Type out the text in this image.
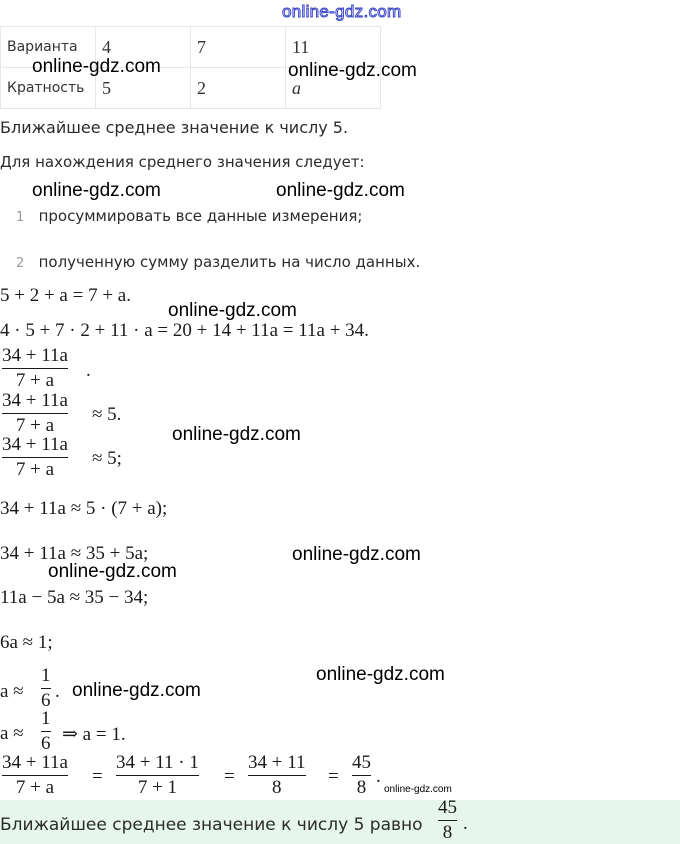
online-gdz.com
Варианта	4	7	11
Кратность	5	2	a
online-gdz.com	online-gdz.com
Ближайшее среднее значение к числу 5.
Для нахождения среднего значения следует:
online-gdz.com	online-gdz.com
1 просуммировать все данные измерения;
2 полученную сумму разделить на число данных.
5 + 2 + a = 7 + a.
online-gdz.com
4 · 5 + 7 · 2 + 11 · a = 20 + 14 + 11a = 11a + 34.
34 + 11a
7 + a	.
34 + 11a
7 + a
≈ 5.
online-gdz.com
34 + 11a
7 + a
≈ 5;
34 + 11a ≈ 5 · (7 + a);
34 + 11a ≈ 35 + 5a;	online-gdz.com
online-gdz.com
11a − 5a ≈ 35 − 34;
6a ≈ 1;
online-gdz.com
a ≈
1
6 . online-gdz.com
a ≈
1
6 ⇒ a = 1.
34 + 11a
7 + a
=
34 + 11 · 1
7 + 1
=
34 + 11
8
=
45
8
.
online-gdz.com
Ближайшее среднее значение к числу 5 равно
45
8 .
